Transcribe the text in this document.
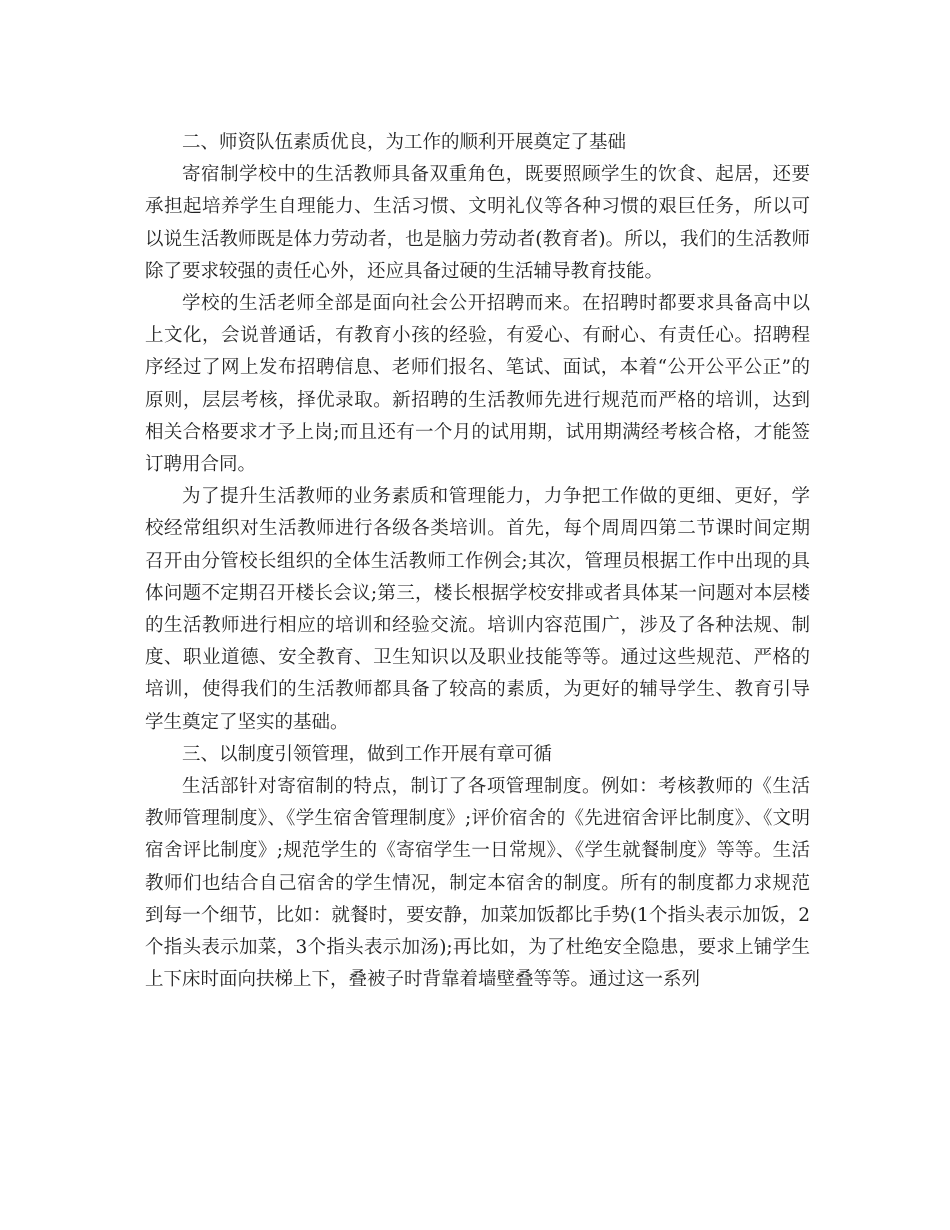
二、师资队伍素质优良，为工作的顺利开展奠定了基础

寄宿制学校中的生活教师具备双重角色，既要照顾学生的饮食、起居，还要承担起培养学生自理能力、生活习惯、文明礼仪等各种习惯的艰巨任务，所以可以说生活教师既是体力劳动者，也是脑力劳动者(教育者)。所以，我们的生活教师除了要求较强的责任心外，还应具备过硬的生活辅导教育技能。

学校的生活老师全部是面向社会公开招聘而来。在招聘时都要求具备高中以上文化，会说普通话，有教育小孩的经验，有爱心、有耐心、有责任心。招聘程序经过了网上发布招聘信息、老师们报名、笔试、面试，本着“公开公平公正”的原则，层层考核，择优录取。新招聘的生活教师先进行规范而严格的培训，达到相关合格要求才予上岗;而且还有一个月的试用期，试用期满经考核合格，才能签订聘用合同。

为了提升生活教师的业务素质和管理能力，力争把工作做的更细、更好，学校经常组织对生活教师进行各级各类培训。首先，每个周周四第二节课时间定期召开由分管校长组织的全体生活教师工作例会;其次，管理员根据工作中出现的具体问题不定期召开楼长会议;第三，楼长根据学校安排或者具体某一问题对本层楼的生活教师进行相应的培训和经验交流。培训内容范围广，涉及了各种法规、制度、职业道德、安全教育、卫生知识以及职业技能等等。通过这些规范、严格的培训，使得我们的生活教师都具备了较高的素质，为更好的辅导学生、教育引导学生奠定了坚实的基础。

三、以制度引领管理，做到工作开展有章可循

生活部针对寄宿制的特点，制订了各项管理制度。例如：考核教师的《生活教师管理制度》、《学生宿舍管理制度》;评价宿舍的《先进宿舍评比制度》、《文明宿舍评比制度》;规范学生的《寄宿学生一日常规》、《学生就餐制度》等等。生活教师们也结合自己宿舍的学生情况，制定本宿舍的制度。所有的制度都力求规范到每一个细节，比如：就餐时，要安静，加菜加饭都比手势(1个指头表示加饭，2个指头表示加菜，3个指头表示加汤);再比如，为了杜绝安全隐患，要求上铺学生上下床时面向扶梯上下，叠被子时背靠着墙壁叠等等。通过这一系列
